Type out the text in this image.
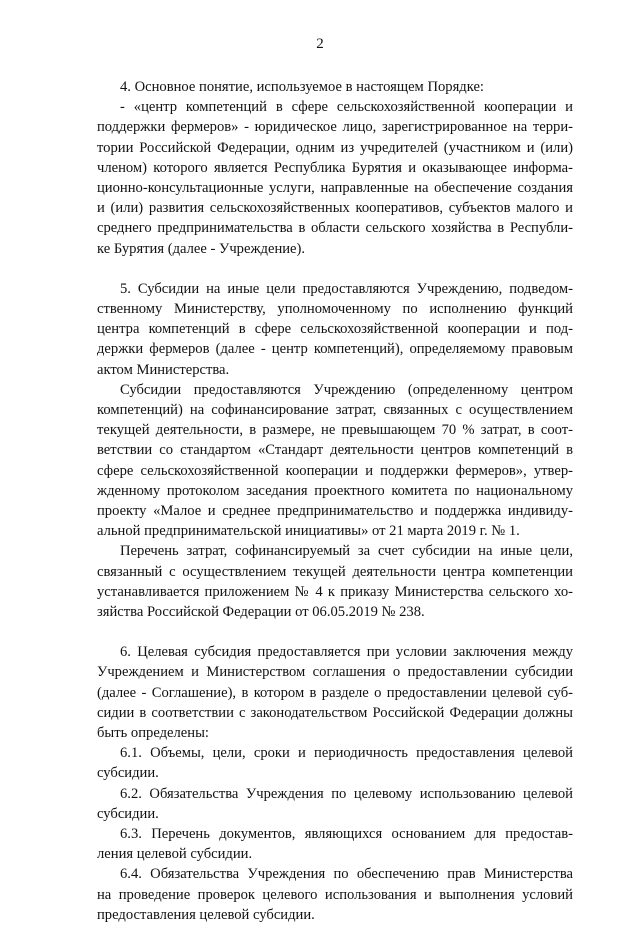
2
4. Основное понятие, используемое в настоящем Порядке:
- «центр компетенций в сфере сельскохозяйственной кооперации и
поддержки фермеров» - юридическое лицо, зарегистрированное на терри-
тории Российской Федерации, одним из учредителей (участником и (или)
членом) которого является Республика Бурятия и оказывающее информа-
ционно-консультационные услуги, направленные на обеспечение создания
и (или) развития сельскохозяйственных кооперативов, субъектов малого и
среднего предпринимательства в области сельского хозяйства в Республи-
ке Бурятия (далее - Учреждение).
5. Субсидии на иные цели предоставляются Учреждению, подведом-
ственному Министерству, уполномоченному по исполнению функций
центра компетенций в сфере сельскохозяйственной кооперации и под-
держки фермеров (далее - центр компетенций), определяемому правовым
актом Министерства.
Субсидии предоставляются Учреждению (определенному центром
компетенций) на софинансирование затрат, связанных с осуществлением
текущей деятельности, в размере, не превышающем 70 % затрат, в соот-
ветствии со стандартом «Стандарт деятельности центров компетенций в
сфере сельскохозяйственной кооперации и поддержки фермеров», утвер-
жденному протоколом заседания проектного комитета по национальному
проекту «Малое и среднее предпринимательство и поддержка индивиду-
альной предпринимательской инициативы» от 21 марта 2019 г. № 1.
Перечень затрат, софинансируемый за счет субсидии на иные цели,
связанный с осуществлением текущей деятельности центра компетенции
устанавливается приложением № 4 к приказу Министерства сельского хо-
зяйства Российской Федерации от 06.05.2019 № 238.
6. Целевая субсидия предоставляется при условии заключения между
Учреждением и Министерством соглашения о предоставлении субсидии
(далее - Соглашение), в котором в разделе о предоставлении целевой суб-
сидии в соответствии с законодательством Российской Федерации должны
быть определены:
6.1. Объемы, цели, сроки и периодичность предоставления целевой
субсидии.
6.2. Обязательства Учреждения по целевому использованию целевой
субсидии.
6.3. Перечень документов, являющихся основанием для предостав-
ления целевой субсидии.
6.4. Обязательства Учреждения по обеспечению прав Министерства
на проведение проверок целевого использования и выполнения условий
предоставления целевой субсидии.
